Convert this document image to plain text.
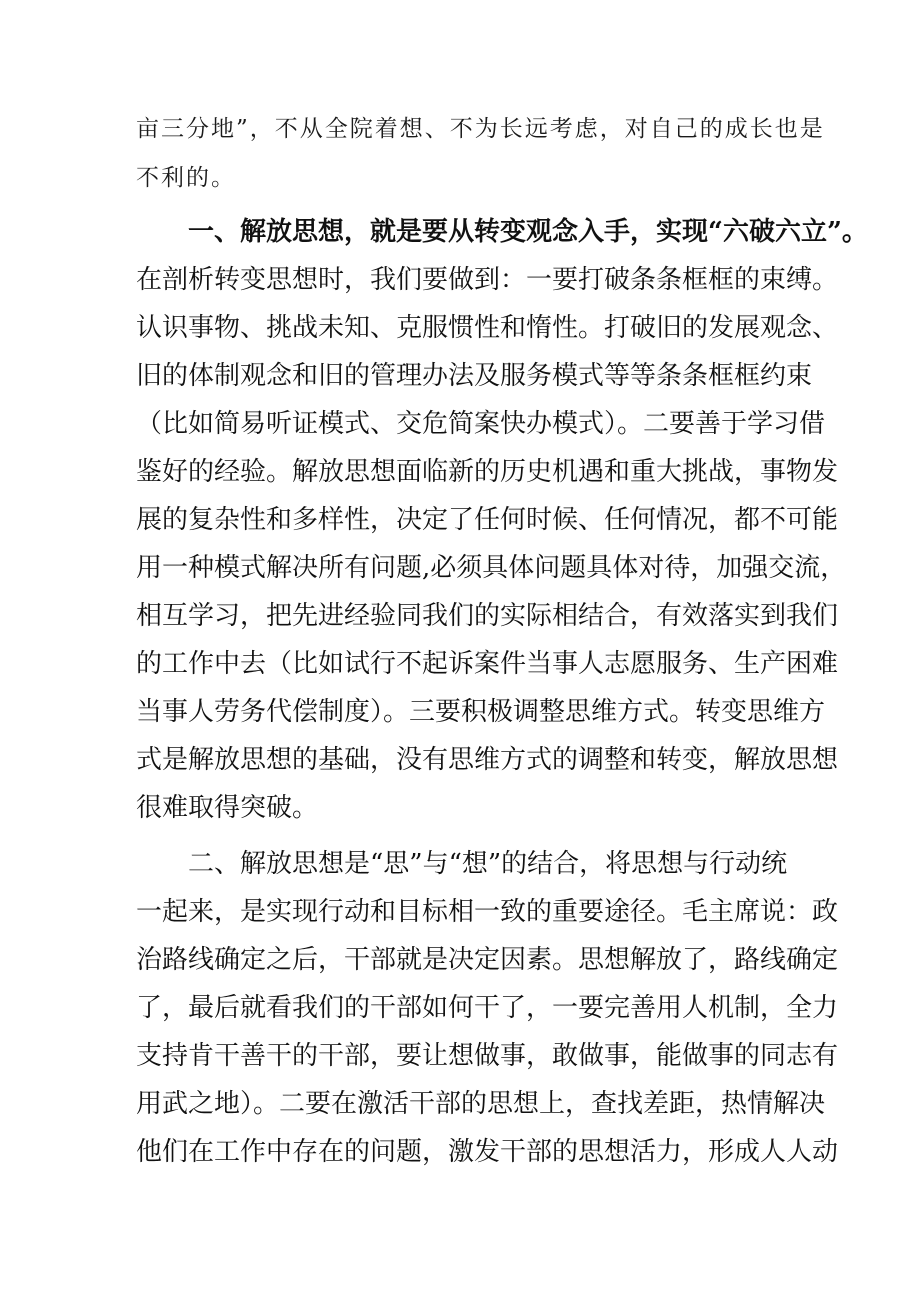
亩三分地”，不从全院着想、不为长远考虑，对自己的成长也是
不利的。
一、解放思想，就是要从转变观念入手，实现“六破六立”。
在剖析转变思想时，我们要做到：一要打破条条框框的束缚。
认识事物、挑战未知、克服惯性和惰性。打破旧的发展观念、
旧的体制观念和旧的管理办法及服务模式等等条条框框约束
（比如简易听证模式、交危简案快办模式）。二要善于学习借
鉴好的经验。解放思想面临新的历史机遇和重大挑战，事物发
展的复杂性和多样性，决定了任何时候、任何情况，都不可能
用一种模式解决所有问题,必须具体问题具体对待，加强交流，
相互学习，把先进经验同我们的实际相结合，有效落实到我们
的工作中去（比如试行不起诉案件当事人志愿服务、生产困难
当事人劳务代偿制度）。三要积极调整思维方式。转变思维方
式是解放思想的基础，没有思维方式的调整和转变，解放思想
很难取得突破。
二、解放思想是“思”与“想”的结合，将思想与行动统
一起来，是实现行动和目标相一致的重要途径。毛主席说：政
治路线确定之后，干部就是决定因素。思想解放了，路线确定
了，最后就看我们的干部如何干了，一要完善用人机制，全力
支持肯干善干的干部，要让想做事，敢做事，能做事的同志有
用武之地）。二要在激活干部的思想上，查找差距，热情解决
他们在工作中存在的问题，激发干部的思想活力，形成人人动
